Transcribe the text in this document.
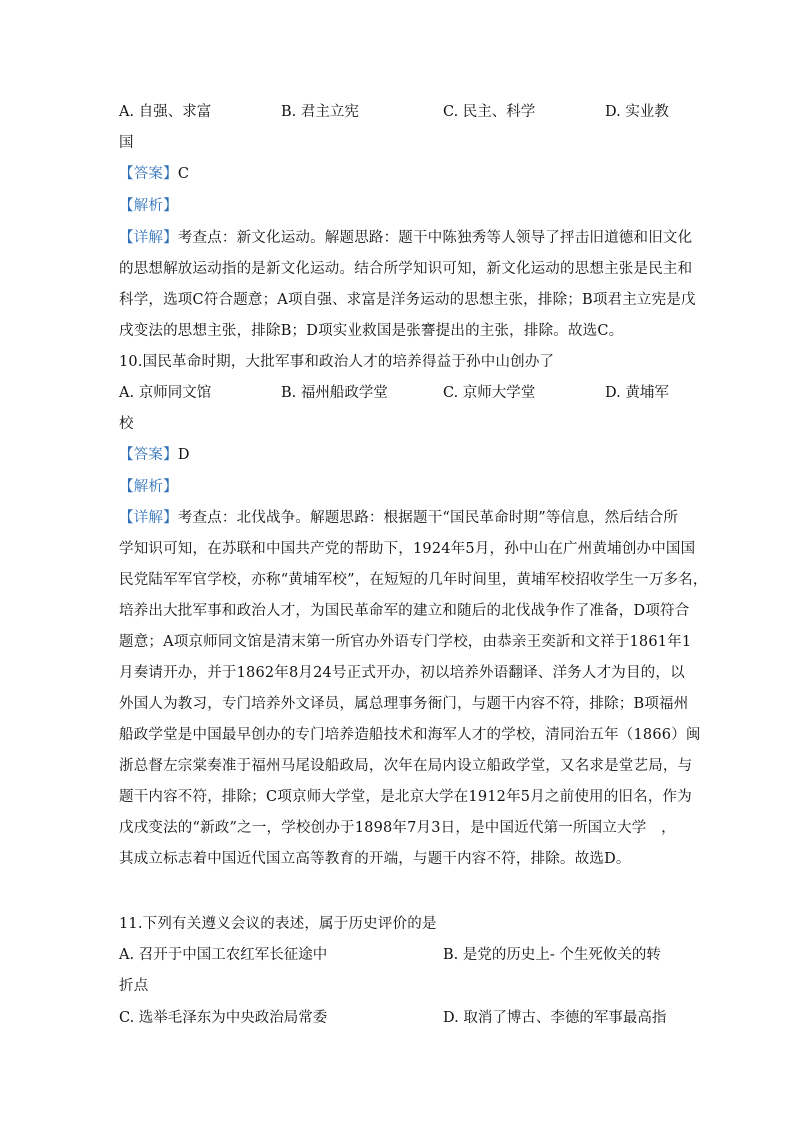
A. 自强、求富	B. 君主立宪	C. 民主、科学	D. 实业教
国
【答案】C
【解析】
【详解】考查点：新文化运动。解题思路：题干中陈独秀等人领导了抨击旧道德和旧文化
的思想解放运动指的是新文化运动。结合所学知识可知，新文化运动的思想主张是民主和
科学，选项C符合题意；A项自强、求富是洋务运动的思想主张，排除；B项君主立宪是戊
戌变法的思想主张，排除B；D项实业救国是张謇提出的主张，排除。故选C。
10.国民革命时期，大批军事和政治人才的培养得益于孙中山创办了
A. 京师同文馆	B. 福州船政学堂	C. 京师大学堂	D. 黄埔军
校
【答案】D
【解析】
【详解】考查点：北伐战争。解题思路：根据题干“国民革命时期”等信息，然后结合所
学知识可知，在苏联和中国共产党的帮助下，1924年5月，孙中山在广州黄埔创办中国国
民党陆军军官学校，亦称“黄埔军校”，在短短的几年时间里，黄埔军校招收学生一万多名，
培养出大批军事和政治人才，为国民革命军的建立和随后的北伐战争作了准备，D项符合
题意；A项京师同文馆是清末第一所官办外语专门学校，由恭亲王奕訢和文祥于1861年1
月奏请开办，并于1862年8月24号正式开办，初以培养外语翻译、洋务人才为目的，以
外国人为教习，专门培养外文译员，属总理事务衙门，与题干内容不符，排除；B项福州
船政学堂是中国最早创办的专门培养造船技术和海军人才的学校，清同治五年（1866）闽
浙总督左宗棠奏准于福州马尾设船政局，次年在局内设立船政学堂，又名求是堂艺局，与
题干内容不符，排除；C项京师大学堂，是北京大学在1912年5月之前使用的旧名，作为
戊戌变法的“新政”之一，学校创办于1898年7月3日，是中国近代第一所国立大学　，
其成立标志着中国近代国立高等教育的开端，与题干内容不符，排除。故选D。
11.下列有关遵义会议的表述，属于历史评价的是
A. 召开于中国工农红军长征途中	B. 是党的历史上- 个生死攸关的转
折点
C. 选举毛泽东为中央政治局常委	D. 取消了博古、李德的军事最高指
